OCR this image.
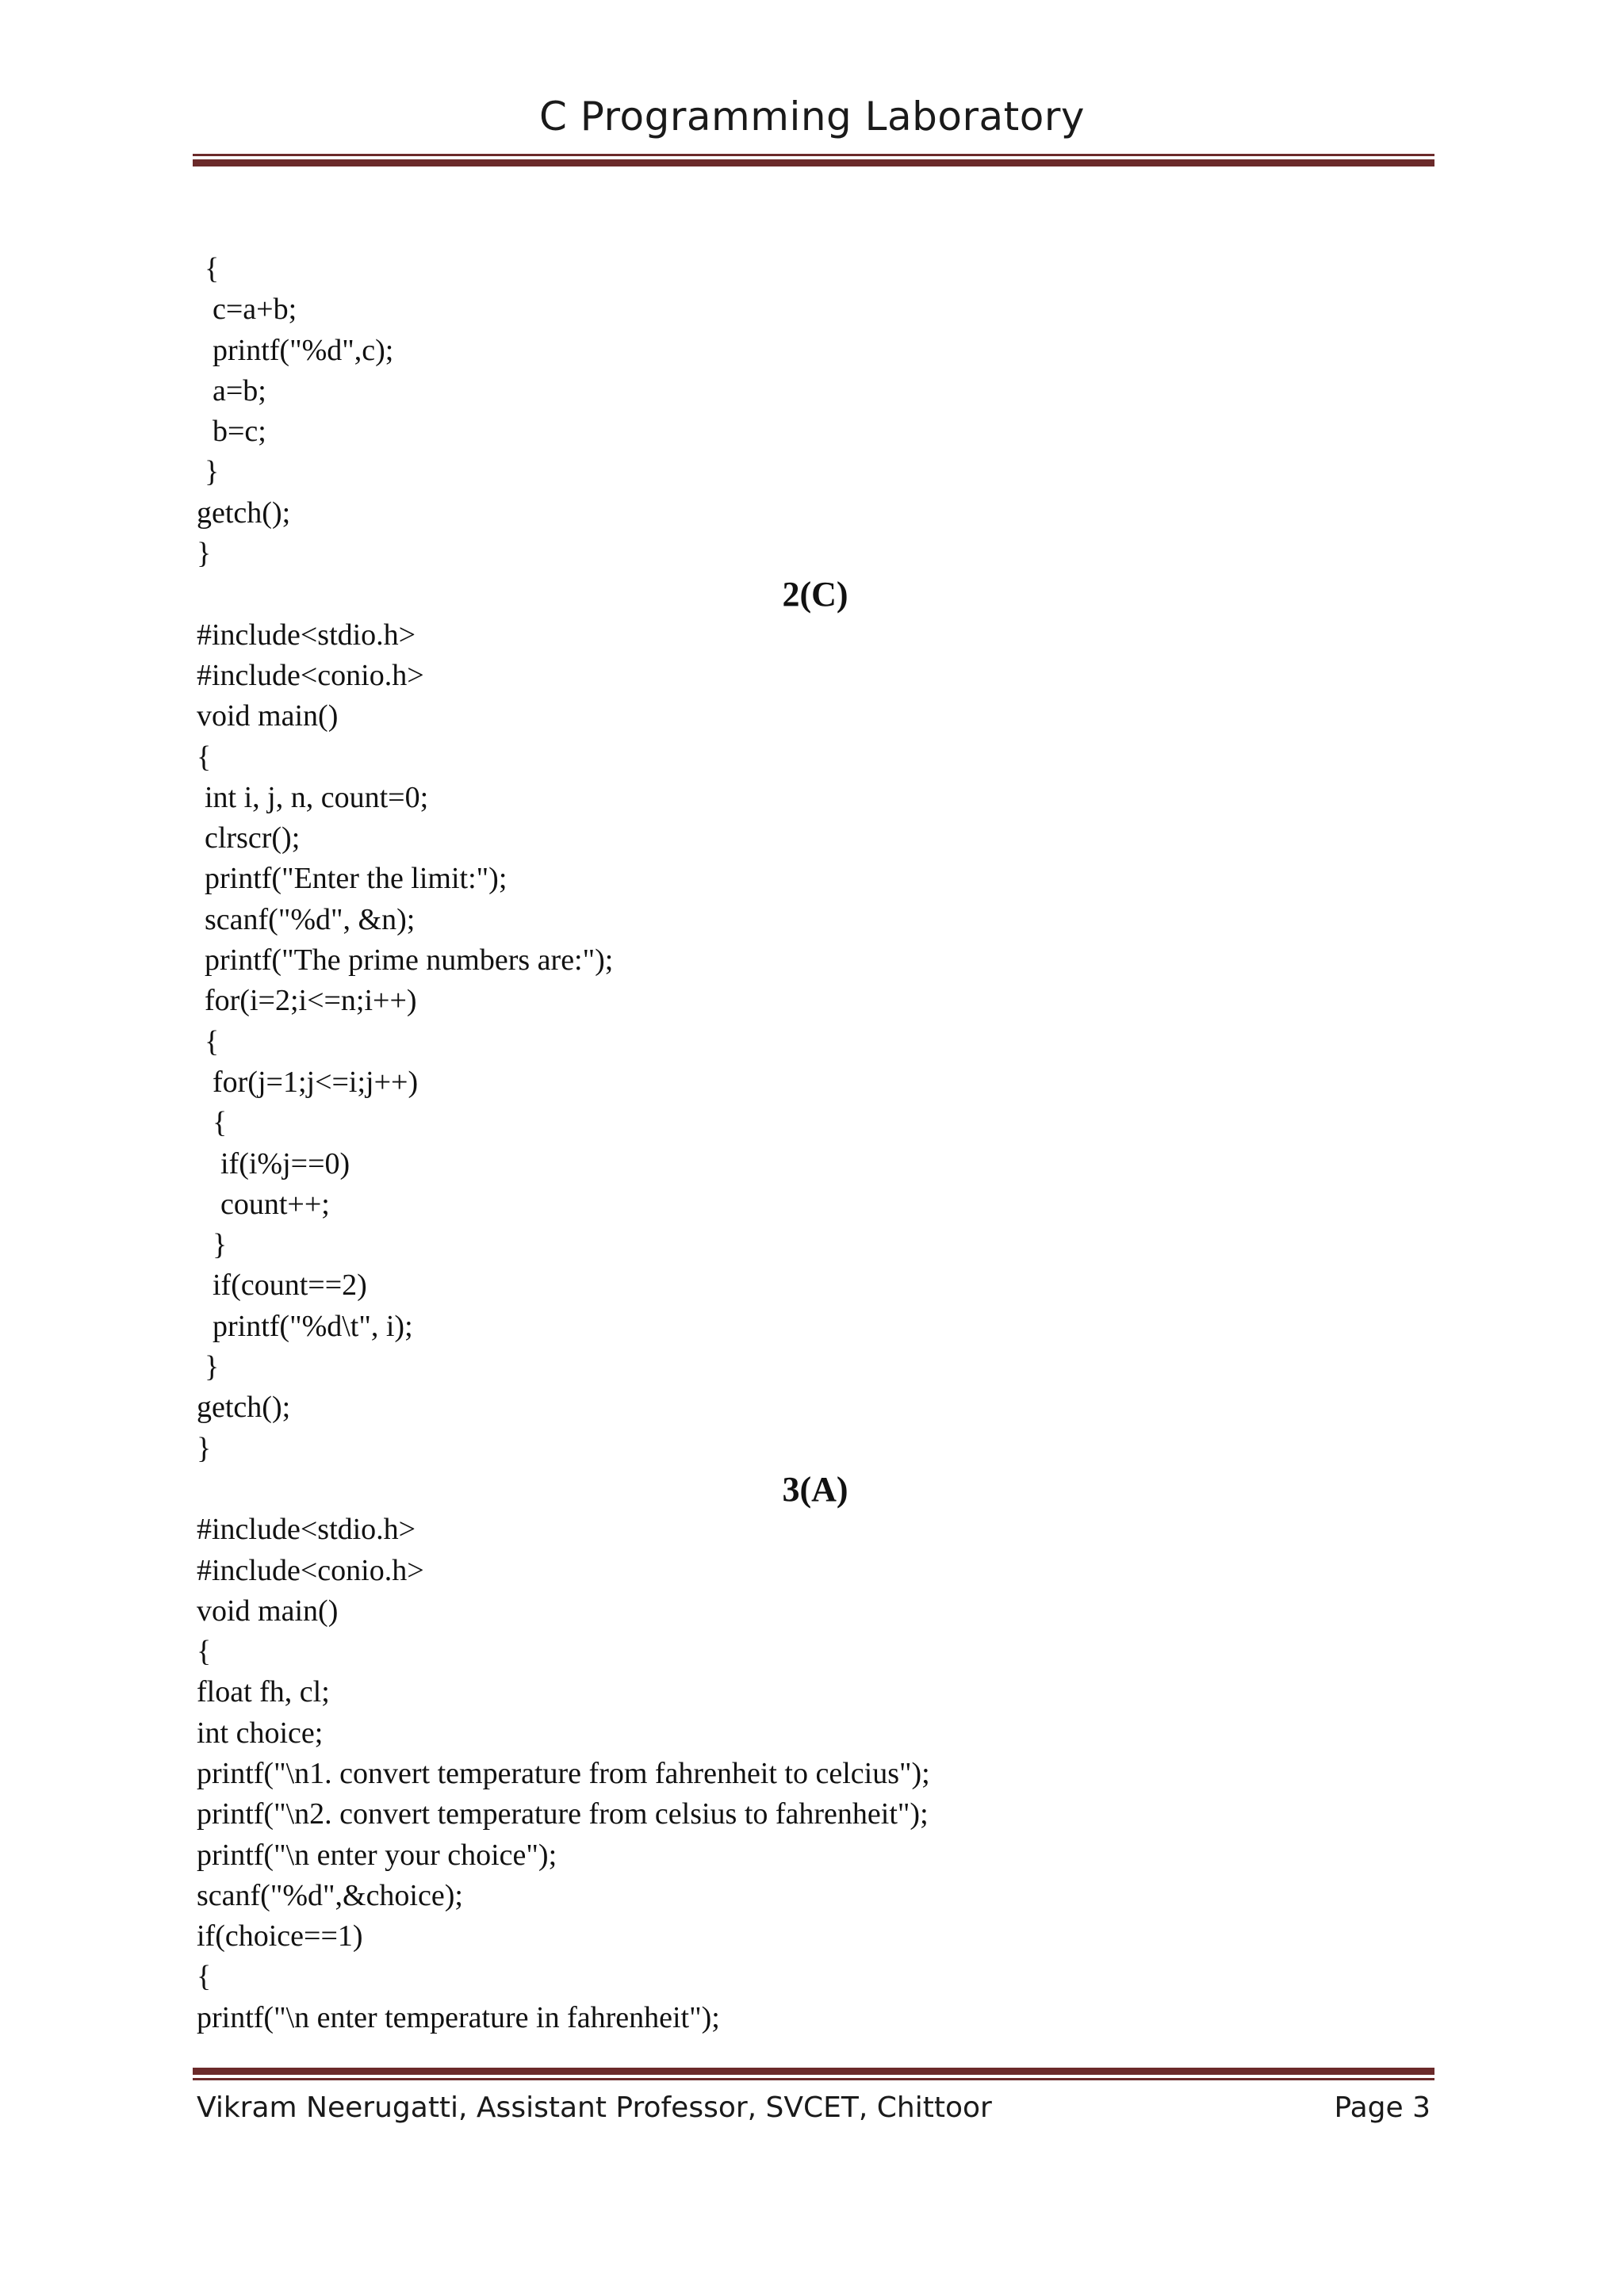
C Programming Laboratory
{
c=a+b;
printf("%d",c);
a=b;
b=c;
}
getch();
}
2(C)
#include<stdio.h>
#include<conio.h>
void main()
{
int i, j, n, count=0;
clrscr();
printf("Enter the limit:");
scanf("%d", &n);
printf("The prime numbers are:");
for(i=2;i<=n;i++)
{
for(j=1;j<=i;j++)
{
if(i%j==0)
count++;
}
if(count==2)
printf("%d\t", i);
}
getch();
}
3(A)
#include<stdio.h>
#include<conio.h>
void main()
{
float fh, cl;
int choice;
printf("\n1. convert temperature from fahrenheit to celcius");
printf("\n2. convert temperature from celsius to fahrenheit");
printf("\n enter your choice");
scanf("%d",&choice);
if(choice==1)
{
printf("\n enter temperature in fahrenheit");
Vikram Neerugatti, Assistant Professor, SVCET, Chittoor	Page 3
